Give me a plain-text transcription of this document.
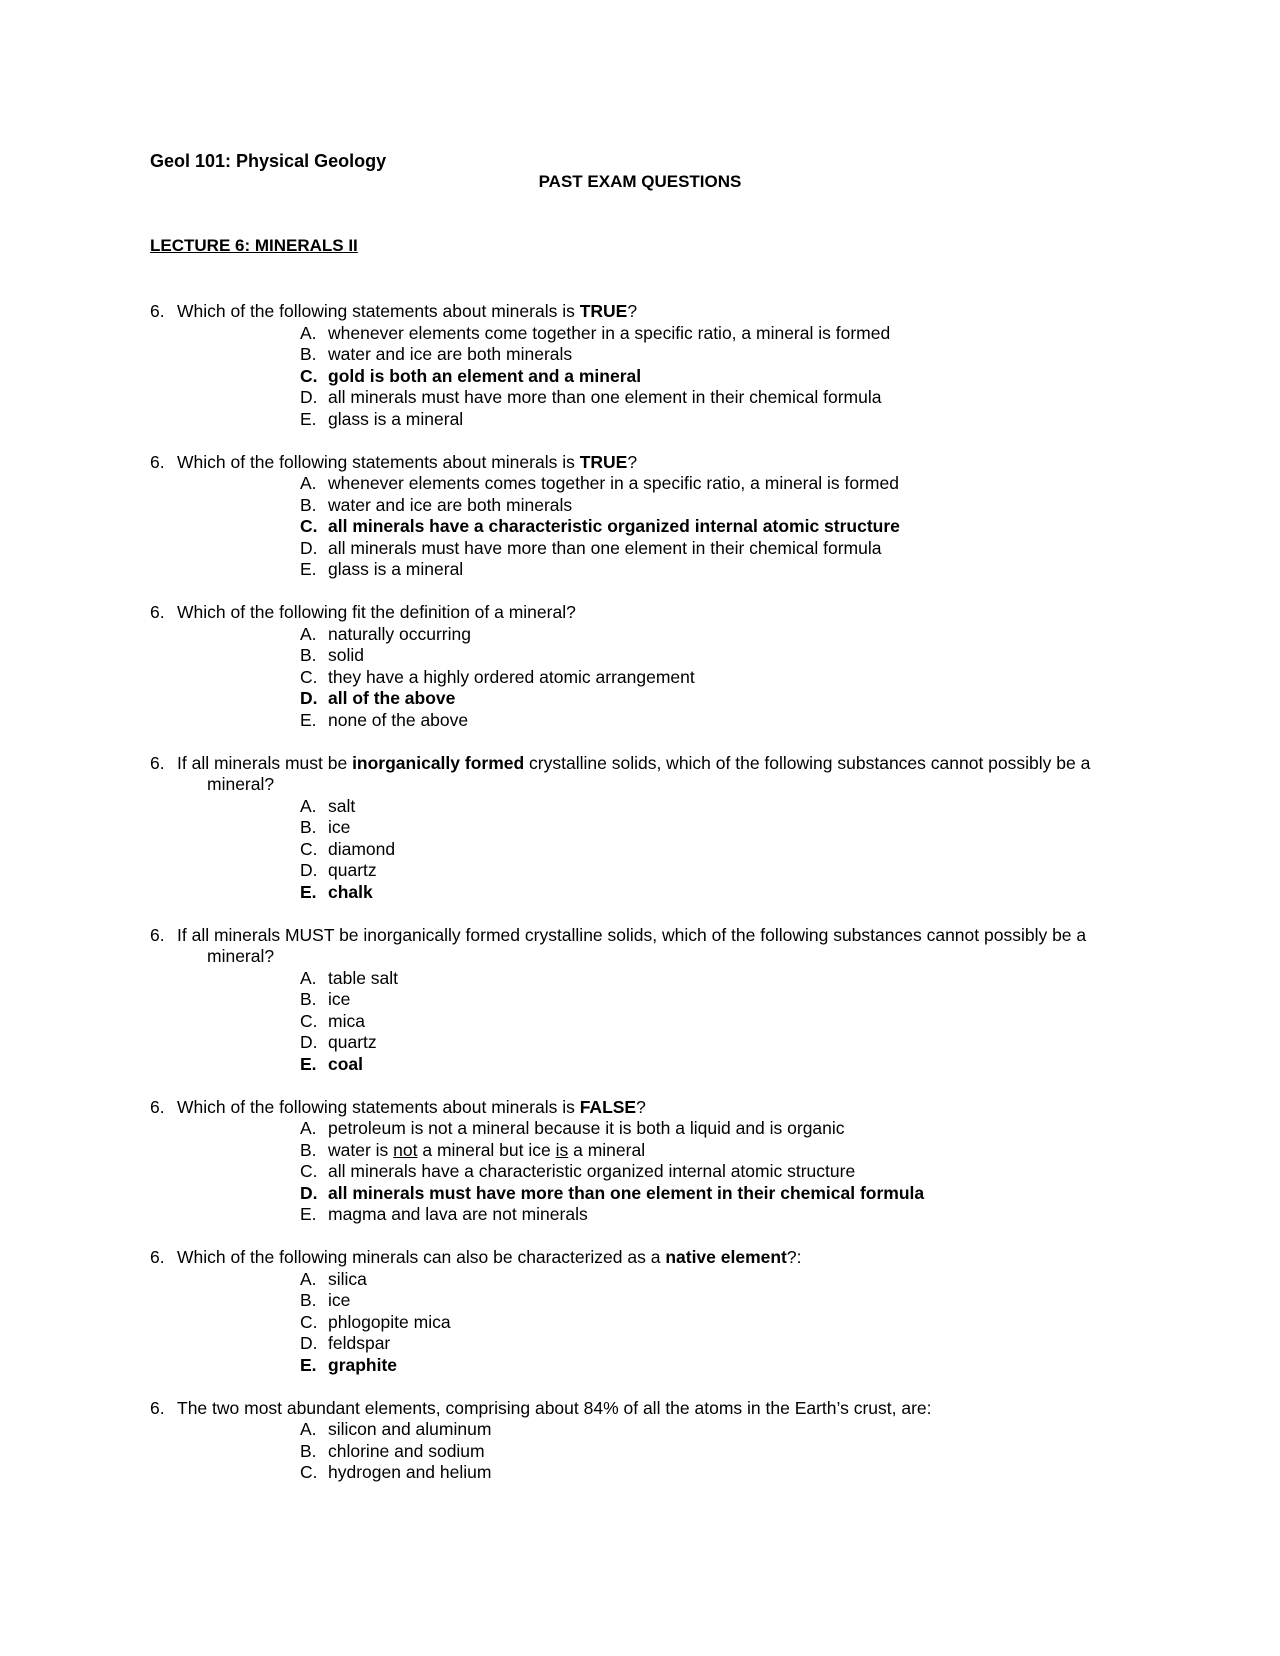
Geol 101: Physical Geology
PAST EXAM QUESTIONS
LECTURE 6: MINERALS II
6. Which of the following statements about minerals is TRUE?
A. whenever elements come together in a specific ratio, a mineral is formed
B. water and ice are both minerals
C. gold is both an element and a mineral
D. all minerals must have more than one element in their chemical formula
E. glass is a mineral
6. Which of the following statements about minerals is TRUE?
A. whenever elements comes together in a specific ratio, a mineral is formed
B. water and ice are both minerals
C. all minerals have a characteristic organized internal atomic structure
D. all minerals must have more than one element in their chemical formula
E. glass is a mineral
6. Which of the following fit the definition of a mineral?
A. naturally occurring
B. solid
C. they have a highly ordered atomic arrangement
D. all of the above
E. none of the above
6. If all minerals must be inorganically formed crystalline solids, which of the following substances cannot possibly be a mineral?
A. salt
B. ice
C. diamond
D. quartz
E. chalk
6. If all minerals MUST be inorganically formed crystalline solids, which of the following substances cannot possibly be a mineral?
A. table salt
B. ice
C. mica
D. quartz
E. coal
6. Which of the following statements about minerals is FALSE?
A. petroleum is not a mineral because it is both a liquid and is organic
B. water is not a mineral but ice is a mineral
C. all minerals have a characteristic organized internal atomic structure
D. all minerals must have more than one element in their chemical formula
E. magma and lava are not minerals
6. Which of the following minerals can also be characterized as a native element?:
A. silica
B. ice
C. phlogopite mica
D. feldspar
E. graphite
6. The two most abundant elements, comprising about 84% of all the atoms in the Earth’s crust, are:
A. silicon and aluminum
B. chlorine and sodium
C. hydrogen and helium
